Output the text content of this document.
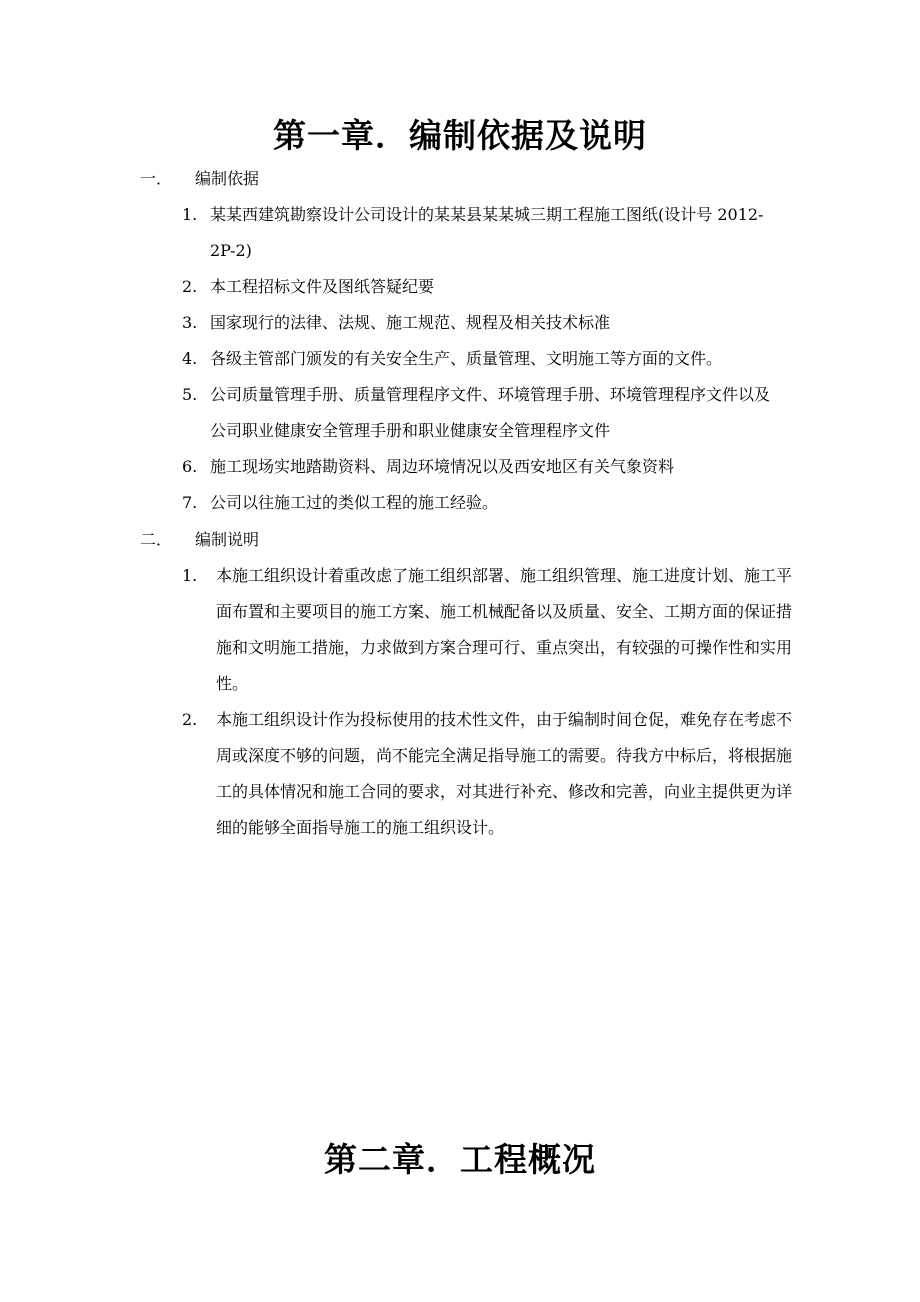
第一章．编制依据及说明
一． 编制依据
1. 某某西建筑勘察设计公司设计的某某县某某城三期工程施工图纸(设计号 2012-2P-2)
2. 本工程招标文件及图纸答疑纪要
3. 国家现行的法律、法规、施工规范、规程及相关技术标准
4. 各级主管部门颁发的有关安全生产、质量管理、文明施工等方面的文件。
5. 公司质量管理手册、质量管理程序文件、环境管理手册、环境管理程序文件以及公司职业健康安全管理手册和职业健康安全管理程序文件
6. 施工现场实地踏勘资料、周边环境情况以及西安地区有关气象资料
7. 公司以往施工过的类似工程的施工经验。
二． 编制说明
1. 本施工组织设计着重改虑了施工组织部署、施工组织管理、施工进度计划、施工平面布置和主要项目的施工方案、施工机械配备以及质量、安全、工期方面的保证措施和文明施工措施，力求做到方案合理可行、重点突出，有较强的可操作性和实用性。
2. 本施工组织设计作为投标使用的技术性文件，由于编制时间仓促，难免存在考虑不周或深度不够的问题，尚不能完全满足指导施工的需要。待我方中标后，将根据施工的具体情况和施工合同的要求，对其进行补充、修改和完善，向业主提供更为详细的能够全面指导施工的施工组织设计。
第二章．工程概况
